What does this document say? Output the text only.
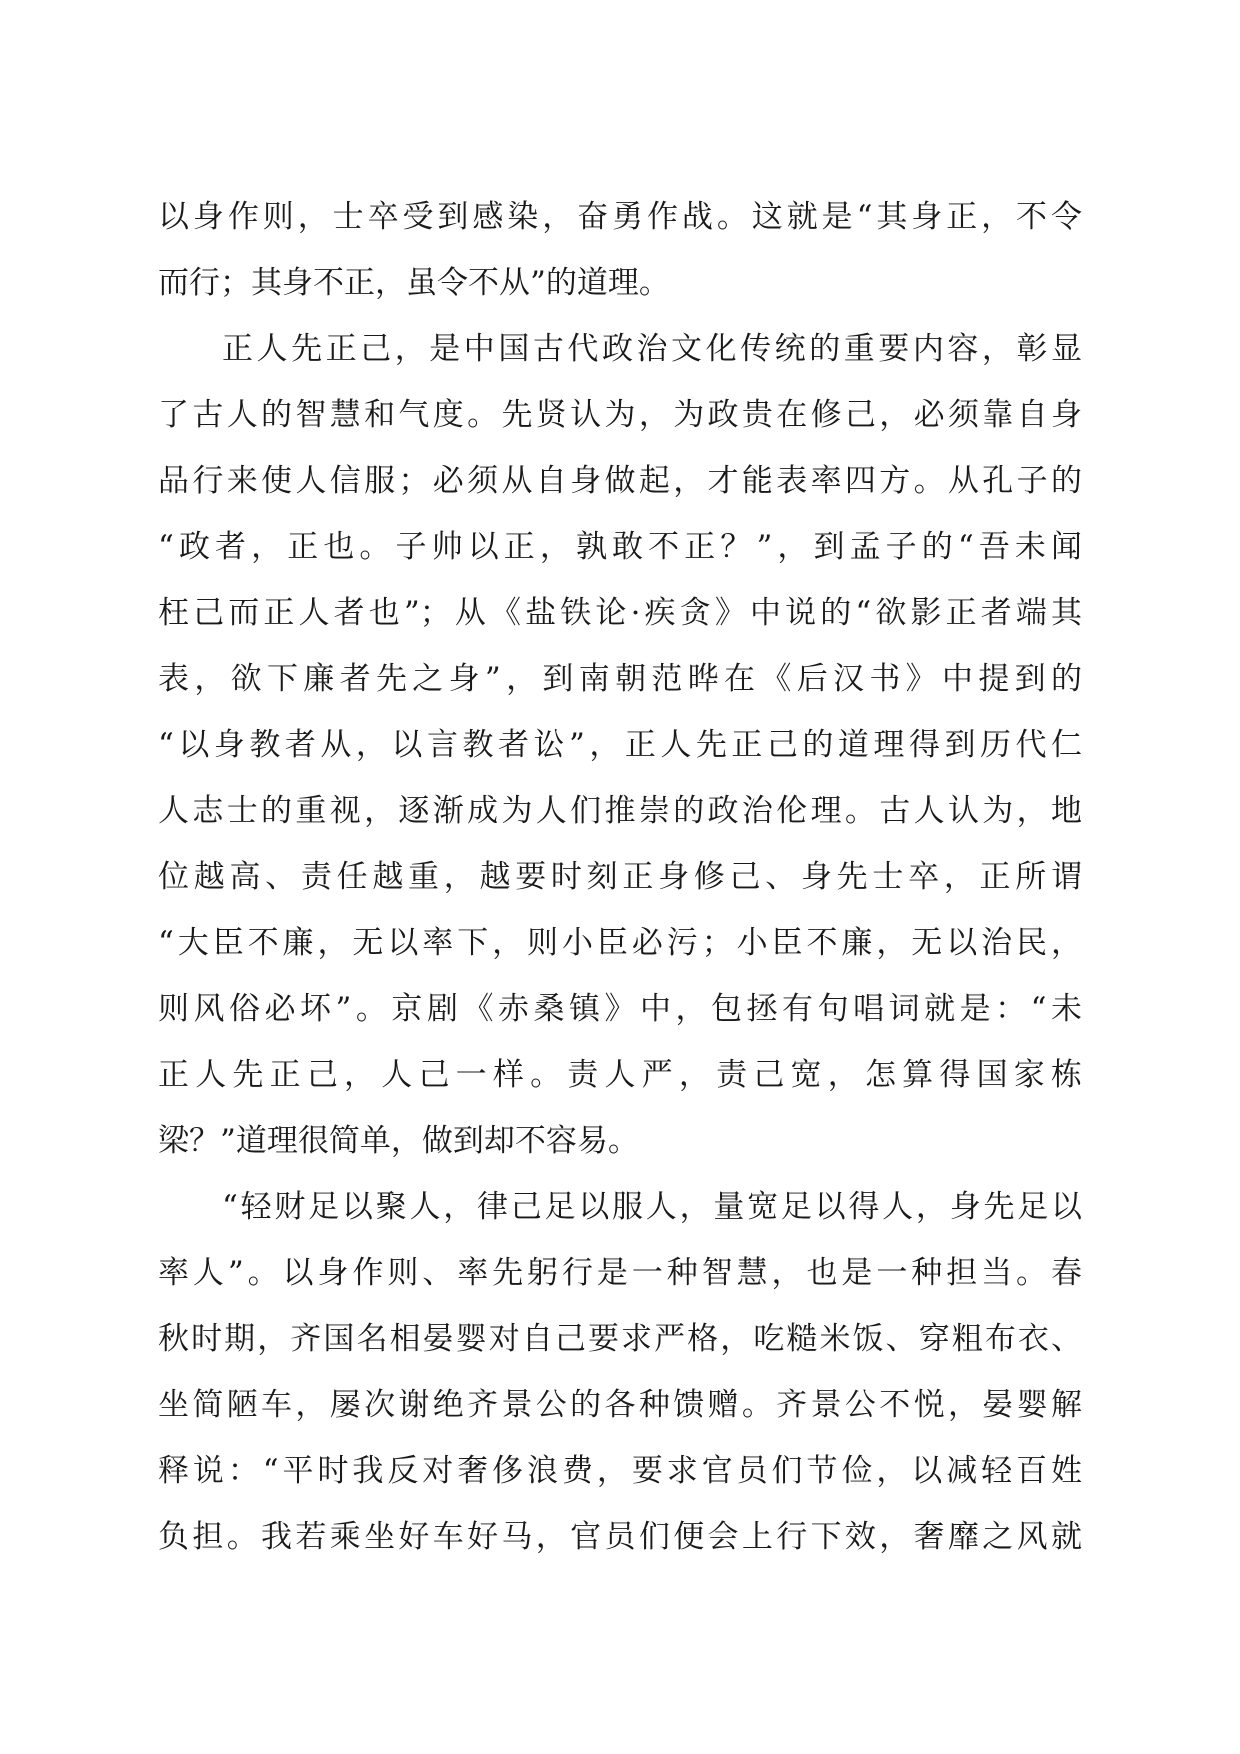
以身作则，士卒受到感染，奋勇作战。这就是“其身正，不令
而行；其身不正，虽令不从”的道理。
正人先正己，是中国古代政治文化传统的重要内容，彰显
了古人的智慧和气度。先贤认为，为政贵在修己，必须靠自身
品行来使人信服；必须从自身做起，才能表率四方。从孔子的
“政者，正也。子帅以正，孰敢不正？”，到孟子的“吾未闻
枉己而正人者也”；从《盐铁论·疾贪》中说的“欲影正者端其
表，欲下廉者先之身”，到南朝范晔在《后汉书》中提到的
“以身教者从，以言教者讼”，正人先正己的道理得到历代仁
人志士的重视，逐渐成为人们推崇的政治伦理。古人认为，地
位越高、责任越重，越要时刻正身修己、身先士卒，正所谓
“大臣不廉，无以率下，则小臣必污；小臣不廉，无以治民，
则风俗必坏”。京剧《赤桑镇》中，包拯有句唱词就是：“未
正人先正己，人己一样。责人严，责己宽，怎算得国家栋
梁？”道理很简单，做到却不容易。
“轻财足以聚人，律己足以服人，量宽足以得人，身先足以
率人”。以身作则、率先躬行是一种智慧，也是一种担当。春
秋时期，齐国名相晏婴对自己要求严格，吃糙米饭、穿粗布衣、
坐简陋车，屡次谢绝齐景公的各种馈赠。齐景公不悦，晏婴解
释说：“平时我反对奢侈浪费，要求官员们节俭，以减轻百姓
负担。我若乘坐好车好马，官员们便会上行下效，奢靡之风就
